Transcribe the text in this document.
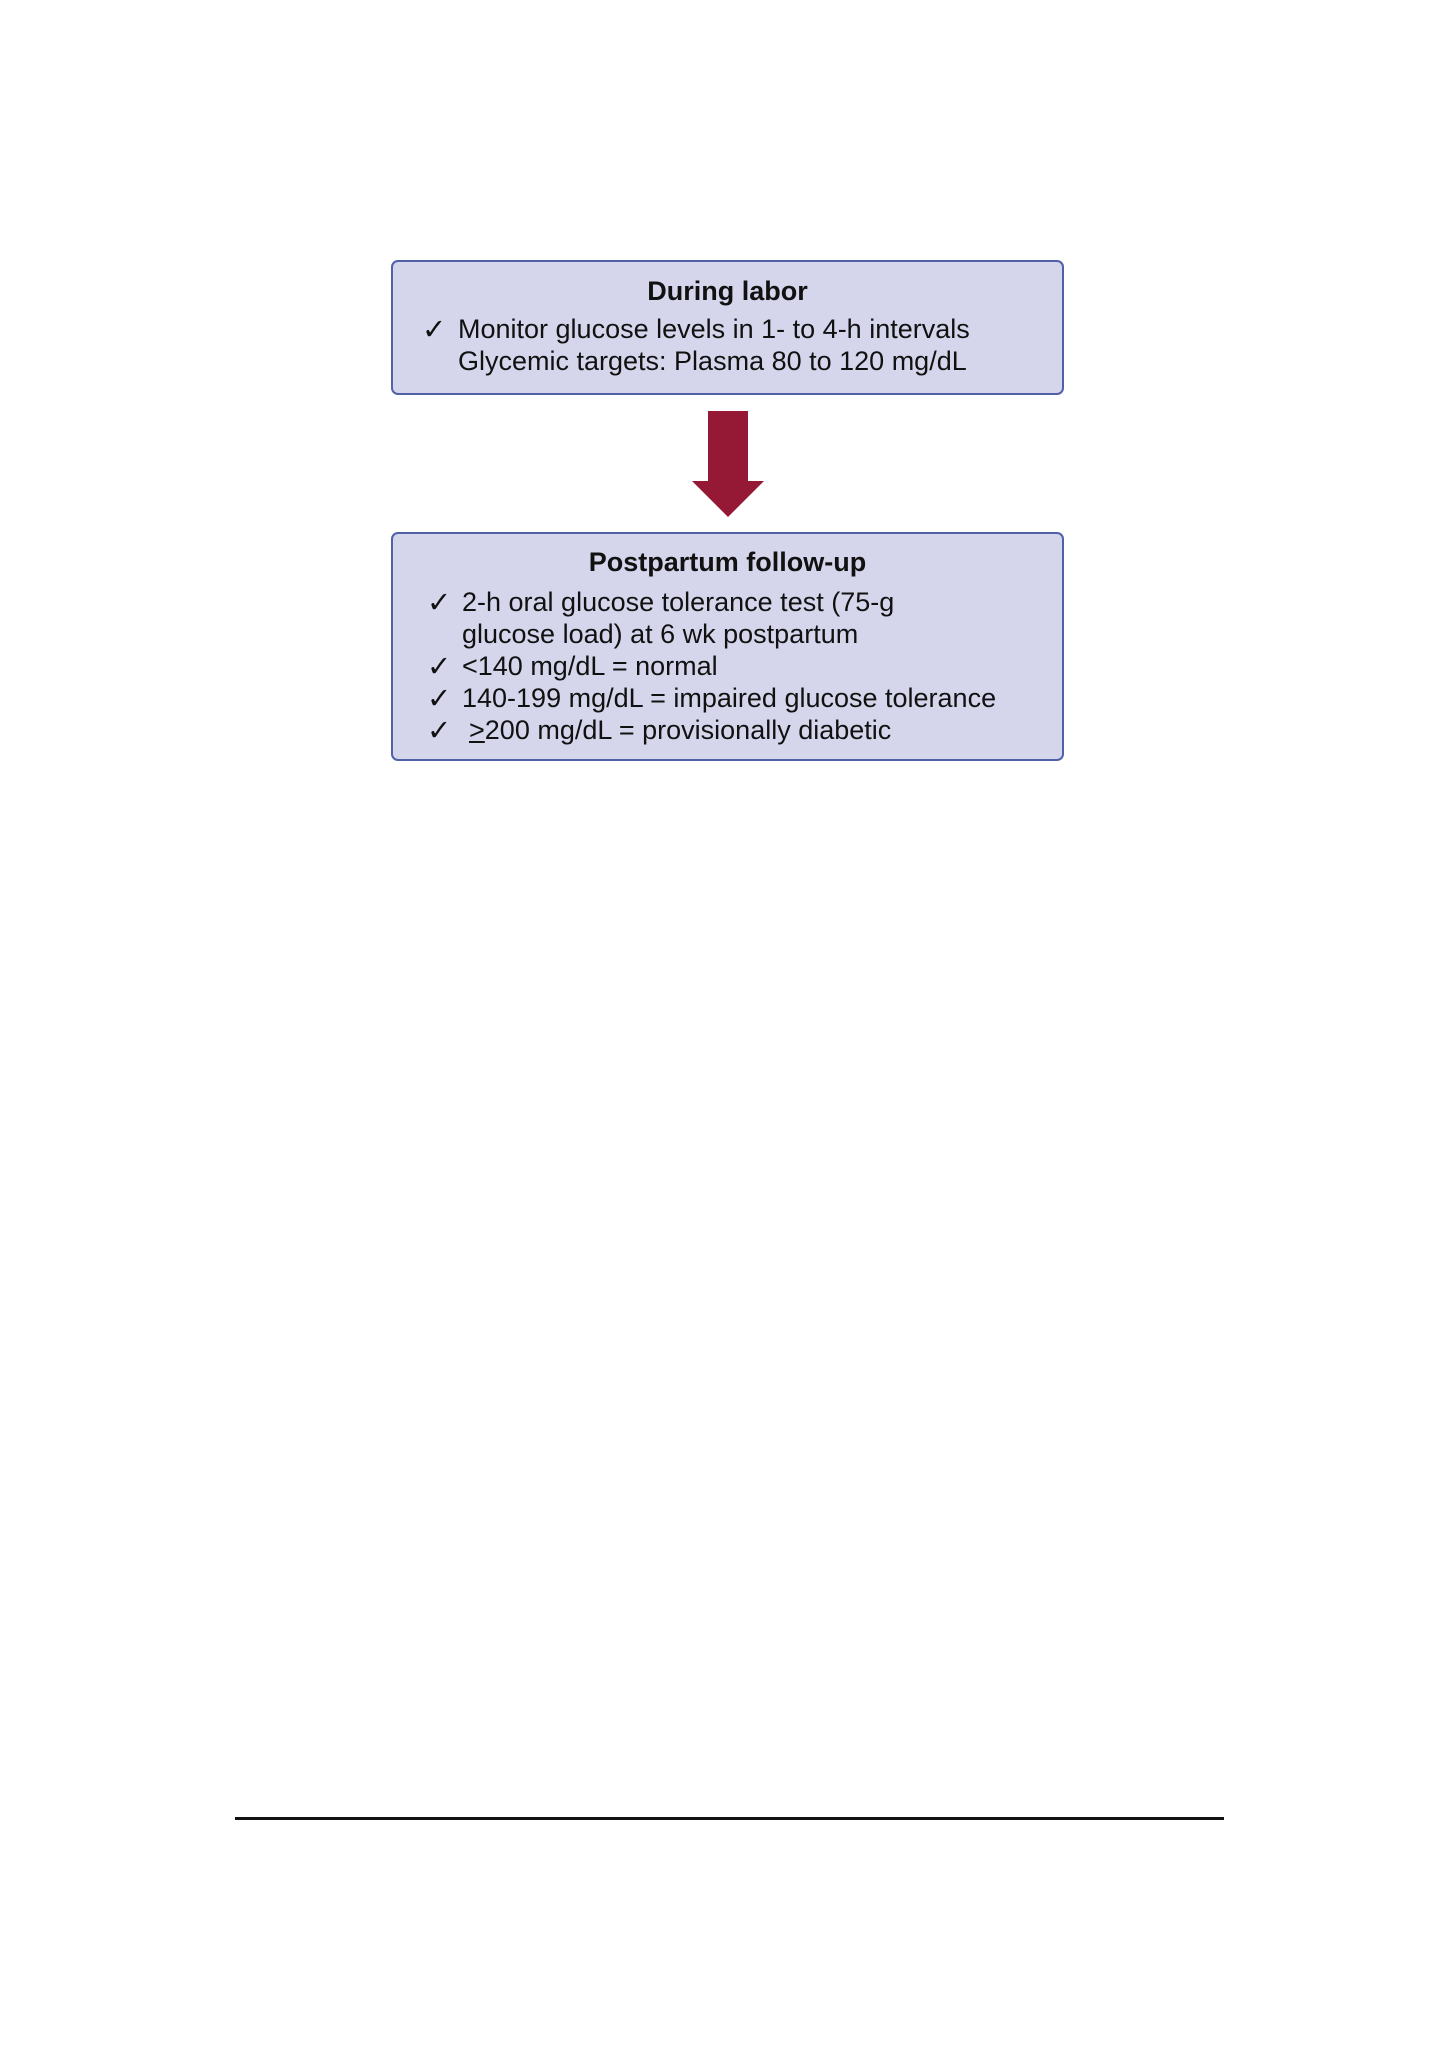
During labor
✓ Monitor glucose levels in 1- to 4-h intervals
Glycemic targets: Plasma 80 to 120 mg/dL
Postpartum follow-up
✓ 2-h oral glucose tolerance test (75-g
glucose load) at 6 wk postpartum
✓ <140 mg/dL = normal
✓ 140-199 mg/dL = impaired glucose tolerance
✓ ≥200 mg/dL = provisionally diabetic
